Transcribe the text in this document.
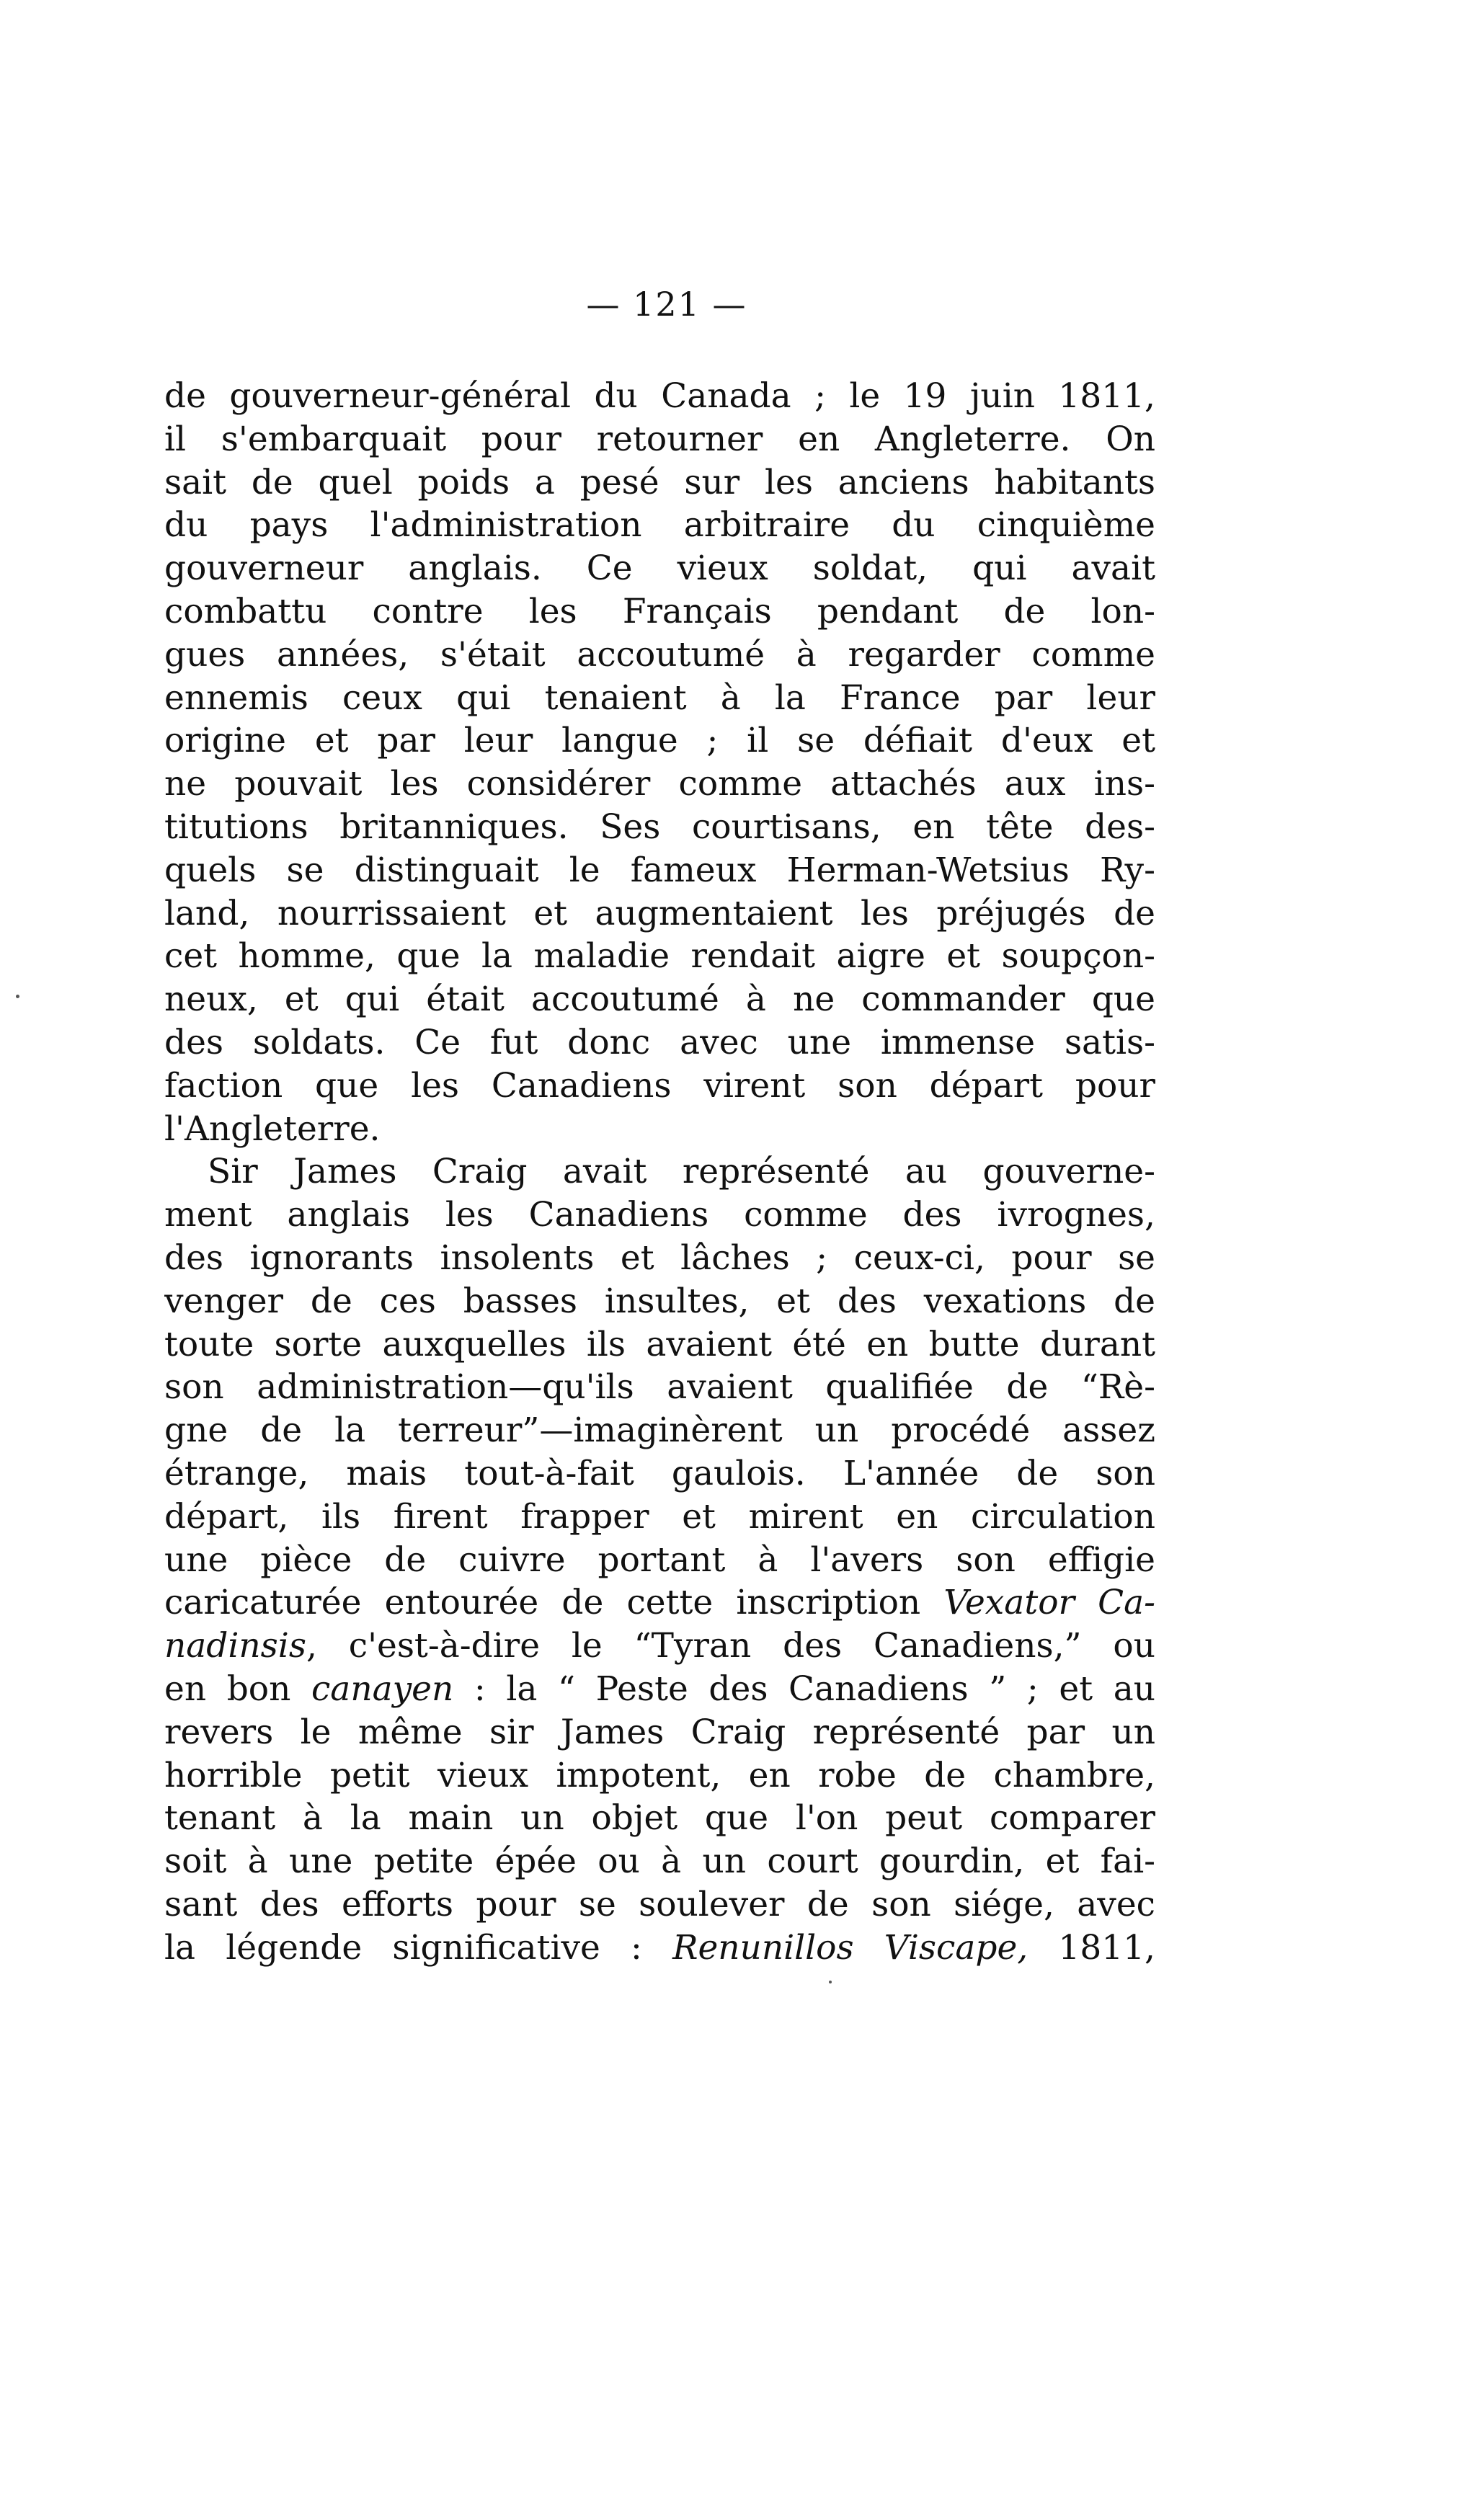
— 121 —
de gouverneur-général du Canada ; le 19 juin 1811,
il s'embarquait pour retourner en Angleterre. On
sait de quel poids a pesé sur les anciens habitants
du pays l'administration arbitraire du cinquième
gouverneur anglais. Ce vieux soldat, qui avait
combattu contre les Français pendant de lon-
gues années, s'était accoutumé à regarder comme
ennemis ceux qui tenaient à la France par leur
origine et par leur langue ; il se défiait d'eux et
ne pouvait les considérer comme attachés aux ins-
titutions britanniques. Ses courtisans, en tête des-
quels se distinguait le fameux Herman-Wetsius Ry-
land, nourrissaient et augmentaient les préjugés de
cet homme, que la maladie rendait aigre et soupçon-
neux, et qui était accoutumé à ne commander que
des soldats. Ce fut donc avec une immense satis-
faction que les Canadiens virent son départ pour
l'Angleterre.
Sir James Craig avait représenté au gouverne-
ment anglais les Canadiens comme des ivrognes,
des ignorants insolents et lâches ; ceux-ci, pour se
venger de ces basses insultes, et des vexations de
toute sorte auxquelles ils avaient été en butte durant
son administration—qu'ils avaient qualifiée de “Rè-
gne de la terreur”—imaginèrent un procédé assez
étrange, mais tout-à-fait gaulois. L'année de son
départ, ils firent frapper et mirent en circulation
une pièce de cuivre portant à l'avers son effigie
caricaturée entourée de cette inscription Vexator Ca-
nadinsis, c'est-à-dire le “Tyran des Canadiens,” ou
en bon canayen : la “ Peste des Canadiens ” ; et au
revers le même sir James Craig représenté par un
horrible petit vieux impotent, en robe de chambre,
tenant à la main un objet que l'on peut comparer
soit à une petite épée ou à un court gourdin, et fai-
sant des efforts pour se soulever de son siége, avec
la légende significative : Renunillos Viscape, 1811,
